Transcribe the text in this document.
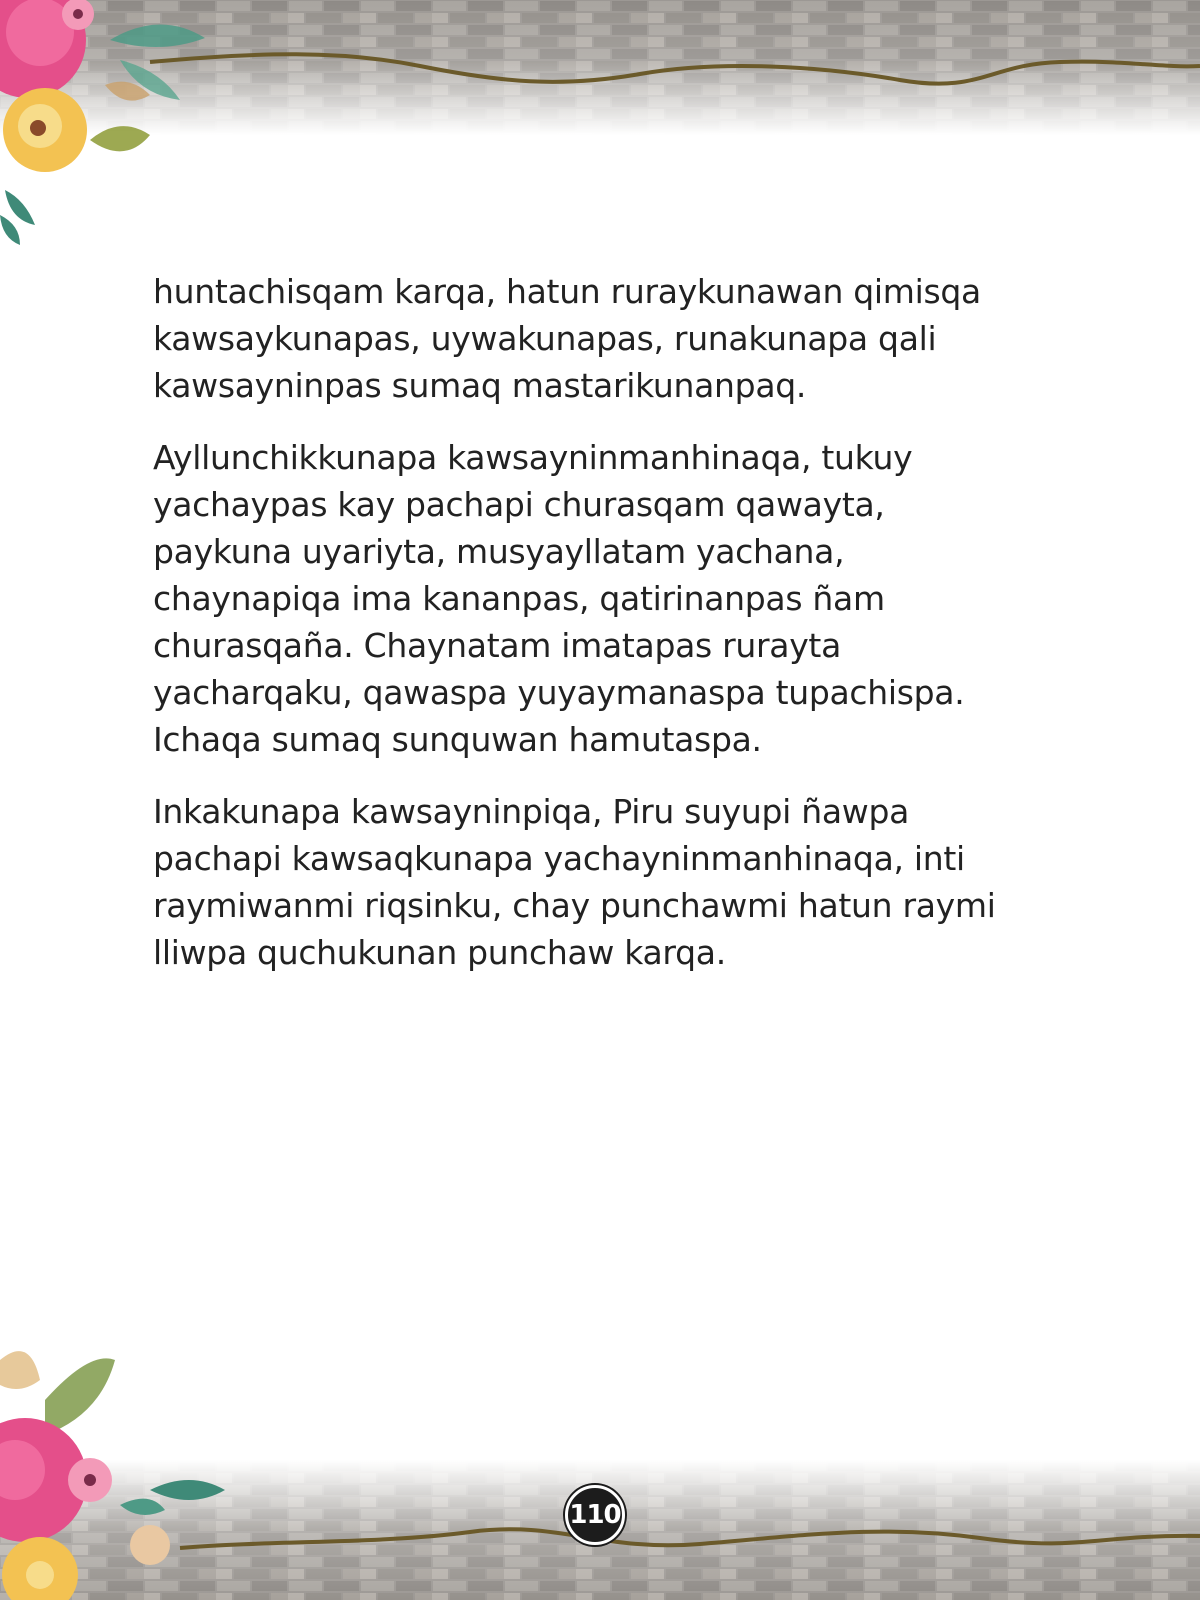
huntachisqam karqa, hatun ruraykunawan qimisqa
kawsaykunapas, uywakunapas, runakunapa qali
kawsayninpas sumaq mastarikunanpaq.

Ayllunchikkunapa kawsayninmanhinaqa, tukuy
yachaypas kay pachapi churasqam qawayta,
paykuna uyariyta, musyayllatam yachana,
chaynapiqa ima kananpas, qatirinanpas ñam
churasqaña. Chaynatam imatapas rurayta
yacharqaku, qawaspa yuyaymanaspa tupachispa.
Ichaqa sumaq sunquwan hamutaspa.

Inkakunapa kawsayninpiqa, Piru suyupi ñawpa
pachapi kawsaqkunapa yachayninmanhinaqa, inti
raymiwanmi riqsinku, chay punchawmi hatun raymi
lliwpa quchukunan punchaw karqa.

110
